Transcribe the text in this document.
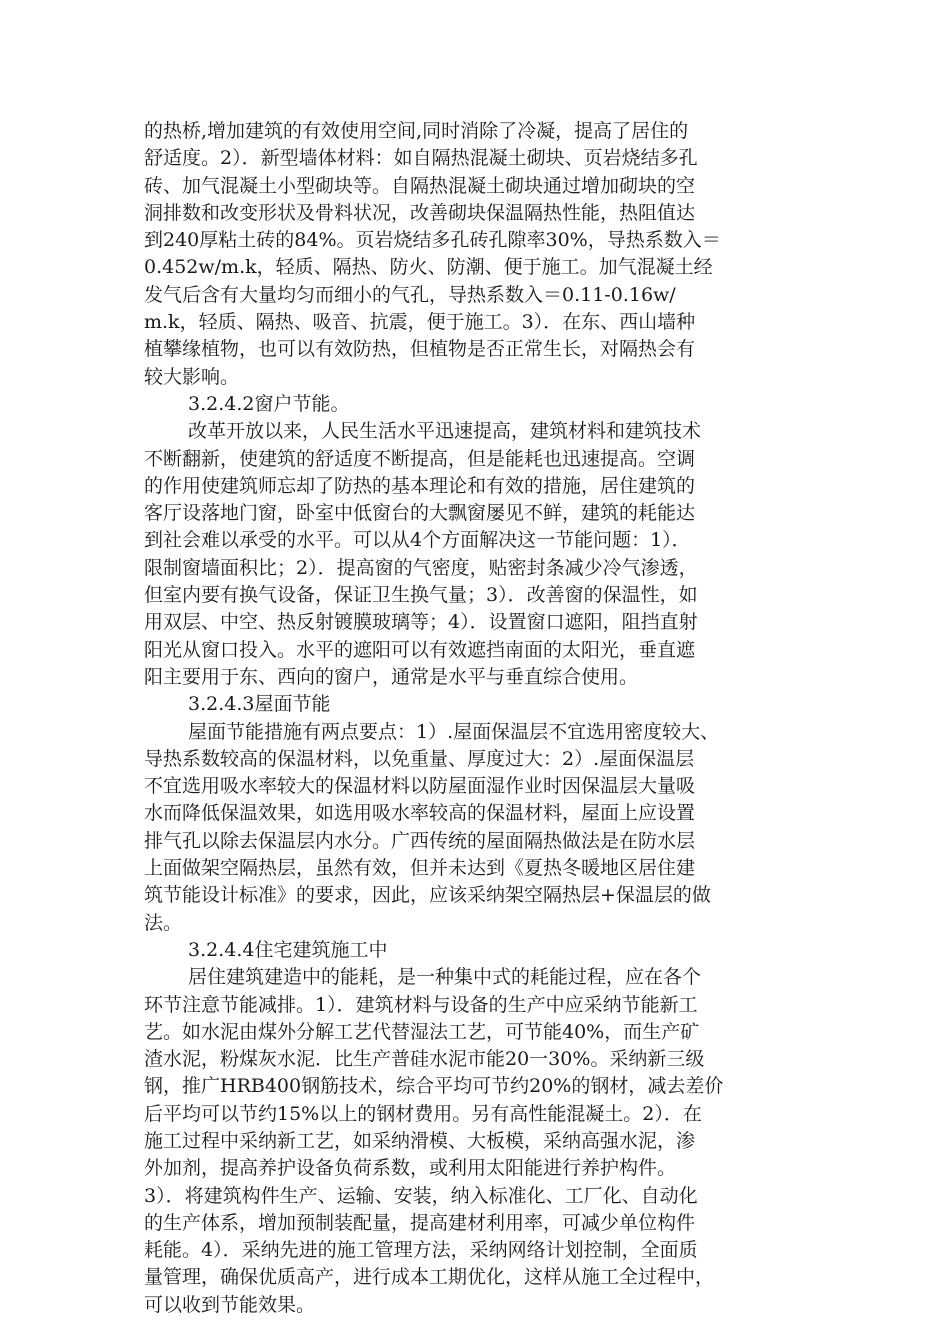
的热桥,增加建筑的有效使用空间,同时消除了冷凝，提高了居住的
舒适度。2）．新型墙体材料：如自隔热混凝土砌块、页岩烧结多孔
砖、加气混凝土小型砌块等。自隔热混凝土砌块通过增加砌块的空
洞排数和改变形状及骨料状况，改善砌块保温隔热性能，热阻值达
到240厚粘土砖的84%。页岩烧结多孔砖孔隙率30%，导热系数入＝
0.452w/m.k，轻质、隔热、防火、防潮、便于施工。加气混凝土经
发气后含有大量均匀而细小的气孔，导热系数入＝0.11-0.16w/
m.k，轻质、隔热、吸音、抗震，便于施工。3）．在东、西山墙种
植攀缘植物，也可以有效防热，但植物是否正常生长，对隔热会有
较大影响。
3.2.4.2窗户节能。
改革开放以来，人民生活水平迅速提高，建筑材料和建筑技术
不断翻新，使建筑的舒适度不断提高，但是能耗也迅速提高。空调
的作用使建筑师忘却了防热的基本理论和有效的措施，居住建筑的
客厅设落地门窗，卧室中低窗台的大飘窗屡见不鲜，建筑的耗能达
到社会难以承受的水平。可以从4个方面解决这一节能问题：1）．
限制窗墙面积比；2）．提高窗的气密度，贴密封条减少冷气渗透，
但室内要有换气设备，保证卫生换气量；3）．改善窗的保温性，如
用双层、中空、热反射镀膜玻璃等；4）．设置窗口遮阳，阻挡直射
阳光从窗口投入。水平的遮阳可以有效遮挡南面的太阳光，垂直遮
阳主要用于东、西向的窗户，通常是水平与垂直综合使用。
3.2.4.3屋面节能
屋面节能措施有两点要点：1）.屋面保温层不宜选用密度较大、
导热系数较高的保温材料，以免重量、厚度过大：2）.屋面保温层
不宜选用吸水率较大的保温材料以防屋面湿作业时因保温层大量吸
水而降低保温效果，如选用吸水率较高的保温材料，屋面上应设置
排气孔以除去保温层内水分。广西传统的屋面隔热做法是在防水层
上面做架空隔热层，虽然有效，但并未达到《夏热冬暖地区居住建
筑节能设计标准》的要求，因此，应该采纳架空隔热层+保温层的做
法。
3.2.4.4住宅建筑施工中
居住建筑建造中的能耗，是一种集中式的耗能过程，应在各个
环节注意节能减排。1）．建筑材料与设备的生产中应采纳节能新工
艺。如水泥由煤外分解工艺代替湿法工艺，可节能40%，而生产矿
渣水泥，粉煤灰水泥．比生产普硅水泥市能20一30%。采纳新三级
钢，推广HRB400钢筋技术，综合平均可节约20%的钢材，减去差价
后平均可以节约15%以上的钢材费用。另有高性能混凝土。2）．在
施工过程中采纳新工艺，如采纳滑模、大板模，采纳高强水泥，渗
外加剂，提高养护设备负荷系数，或利用太阳能进行养护构件。
3）．将建筑构件生产、运输、安装，纳入标准化、工厂化、自动化
的生产体系，增加预制装配量，提高建材利用率，可减少单位构件
耗能。4）．采纳先进的施工管理方法，采纳网络计划控制，全面质
量管理，确保优质高产，进行成本工期优化，这样从施工全过程中，
可以收到节能效果。
